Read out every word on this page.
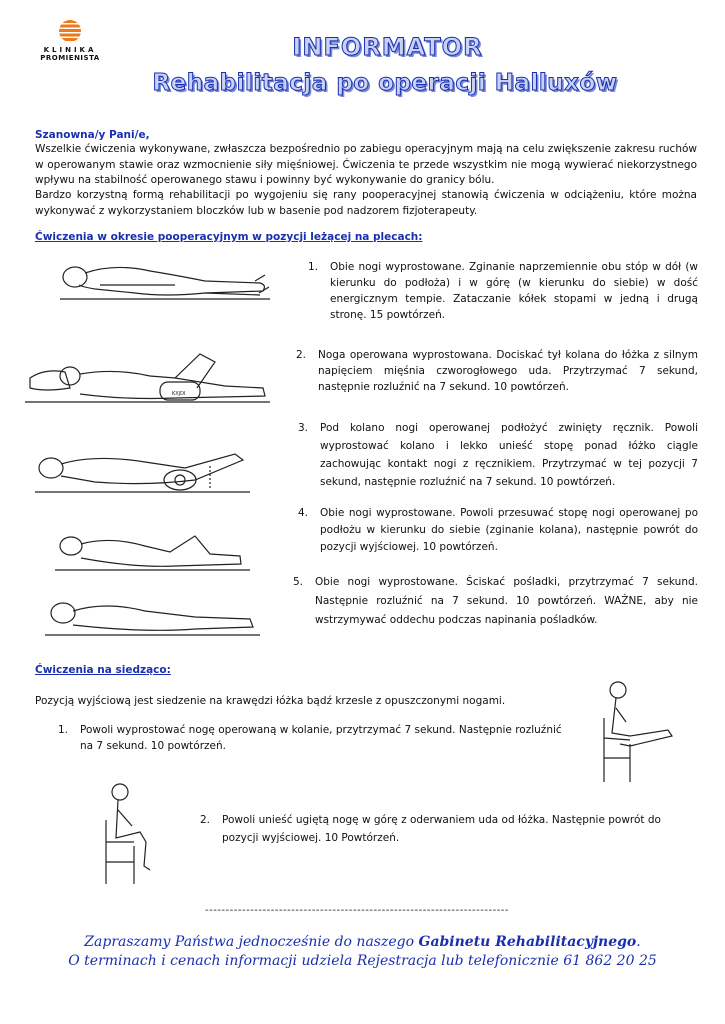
KLINIKA
PROMIENISTA	INFORMATOR
Rehabilitacja po operacji Halluxów
Szanowna/y Pani/e,
Wszelkie ćwiczenia wykonywane, zwłaszcza bezpośrednio po zabiegu operacyjnym mają na celu zwiększenie zakresu ruchów w operowanym stawie oraz wzmocnienie siły mięśniowej. Ćwiczenia te przede wszystkim nie mogą wywierać niekorzystnego wpływu na stabilność operowanego stawu i powinny być wykonywanie do granicy bólu.
Bardzo korzystną formą rehabilitacji po wygojeniu się rany pooperacyjnej stanowią ćwiczenia w odciążeniu, które można wykonywać z wykorzystaniem bloczków lub w basenie pod nadzorem fizjoterapeuty.
Ćwiczenia w okresie pooperacyjnym w pozycji leżącej na plecach:
1.	Obie nogi wyprostowane. Zginanie naprzemiennie obu stóp w dół (w kierunku do podłoża) i w górę (w kierunku do siebie) w dość energicznym tempie. Zataczanie kółek stopami w jedną i drugą stronę. 15 powtórzeń.
KXJDI
2.	Noga operowana wyprostowana. Dociskać tył kolana do łóżka z silnym napięciem mięśnia czworogłowego uda. Przytrzymać 7 sekund, następnie rozluźnić na 7 sekund. 10 powtórzeń.
3.	Pod kolano nogi operowanej podłożyć zwinięty ręcznik. Powoli wyprostować kolano i lekko unieść stopę ponad łóżko ciągle zachowując kontakt nogi z ręcznikiem. Przytrzymać w tej pozycji 7 sekund, następnie rozluźnić na 7 sekund. 10 powtórzeń.
4.	Obie nogi wyprostowane. Powoli przesuwać stopę nogi operowanej po podłożu w kierunku do siebie (zginanie kolana), następnie powrót do pozycji wyjściowej. 10 powtórzeń.
5.	Obie nogi wyprostowane. Ściskać pośladki, przytrzymać 7 sekund. Następnie rozluźnić na 7 sekund. 10 powtórzeń. WAŻNE, aby nie wstrzymywać oddechu podczas napinania pośladków.
Ćwiczenia na siedząco:
Pozycją wyjściową jest siedzenie na krawędzi łóżka bądź krzesle z opuszczonymi nogami.
1.	Powoli wyprostować nogę operowaną w kolanie, przytrzymać 7 sekund. Następnie rozluźnić na 7 sekund. 10 powtórzeń.
2.	Powoli unieść ugiętą nogę w górę z oderwaniem uda od łóżka. Następnie powrót do pozycji wyjściowej. 10 Powtórzeń.
--------------------------------------------------------------------------
Zapraszamy Państwa jednocześnie do naszego Gabinetu Rehabilitacyjnego.
O terminach i cenach informacji udziela Rejestracja lub telefonicznie 61 862 20 25
